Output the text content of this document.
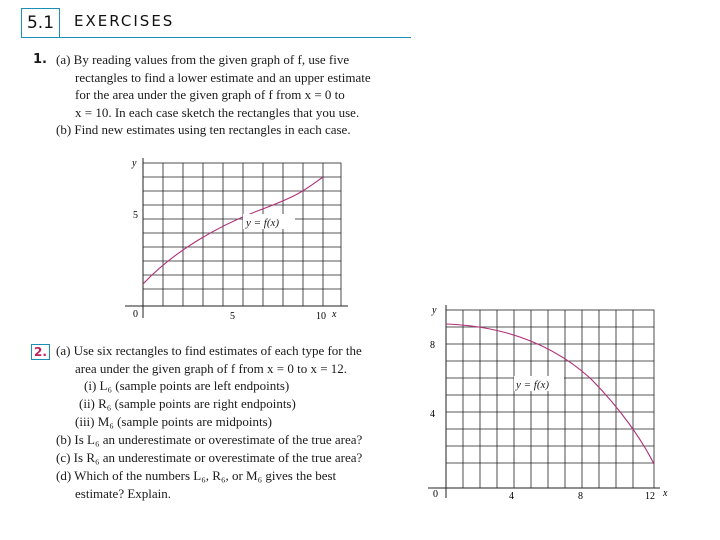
5.1 EXERCISES
1. (a) By reading values from the given graph of f, use five
rectangles to find a lower estimate and an upper estimate
for the area under the given graph of f from x = 0 to
x = 10. In each case sketch the rectangles that you use.
(b) Find new estimates using ten rectangles in each case.
y = f(x)
y
5
0	5	10 x
2. (a) Use six rectangles to find estimates of each type for the
area under the given graph of f from x = 0 to x = 12.
(i) L₆ (sample points are left endpoints)
(ii) R₆ (sample points are right endpoints)
(iii) M₆ (sample points are midpoints)
(b) Is L₆ an underestimate or overestimate of the true area?
(c) Is R₆ an underestimate or overestimate of the true area?
(d) Which of the numbers L₆, R₆, or M₆ gives the best
estimate? Explain.
y = f(x)
y
8
4
0	4	8	12 x
